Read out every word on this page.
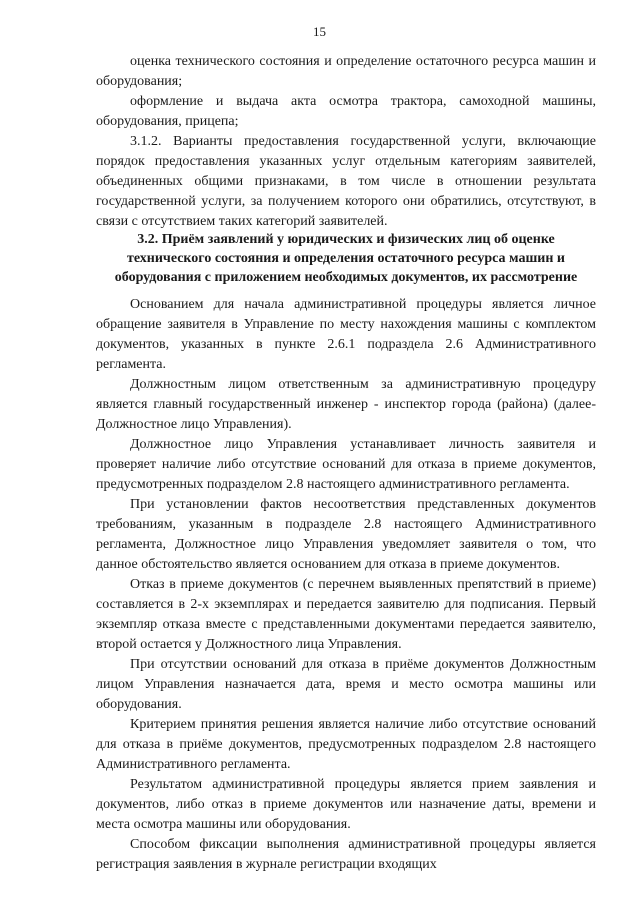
15

оценка технического состояния и определение остаточного ресурса машин и оборудования;

оформление и выдача акта осмотра трактора, самоходной машины, оборудования, прицепа;

3.1.2. Варианты предоставления государственной услуги, включающие порядок предоставления указанных услуг отдельным категориям заявителей, объединенных общими признаками, в том числе в отношении результата государственной услуги, за получением которого они обратились, отсутствуют, в связи с отсутствием таких категорий заявителей.

3.2. Приём заявлений у юридических и физических лиц об оценке
технического состояния и определения остаточного ресурса машин и
оборудования с приложением необходимых документов, их рассмотрение

Основанием для начала административной процедуры является личное обращение заявителя в Управление по месту нахождения машины с комплектом документов, указанных в пункте 2.6.1 подраздела 2.6 Административного регламента.

Должностным лицом ответственным за административную процедуру является главный государственный инженер - инспектор города (района) (далее- Должностное лицо Управления).

Должностное лицо Управления устанавливает личность заявителя и проверяет наличие либо отсутствие оснований для отказа в приеме документов, предусмотренных подразделом 2.8 настоящего административного регламента.

При установлении фактов несоответствия представленных документов требованиям, указанным в подразделе 2.8 настоящего Административного регламента, Должностное лицо Управления уведомляет заявителя о том, что данное обстоятельство является основанием для отказа в приеме документов.

Отказ в приеме документов (с перечнем выявленных препятствий в приеме) составляется в 2-х экземплярах и передается заявителю для подписания. Первый экземпляр отказа вместе с представленными документами передается заявителю, второй остается у Должностного лица Управления.

При отсутствии оснований для отказа в приёме документов Должностным лицом Управления назначается дата, время и место осмотра машины или оборудования.

Критерием принятия решения является наличие либо отсутствие оснований для отказа в приёме документов, предусмотренных подразделом 2.8 настоящего Административного регламента.

Результатом административной процедуры является прием заявления и документов, либо отказ в приеме документов или назначение даты, времени и места осмотра машины или оборудования.

Способом фиксации выполнения административной процедуры является регистрация заявления в журнале регистрации входящих
